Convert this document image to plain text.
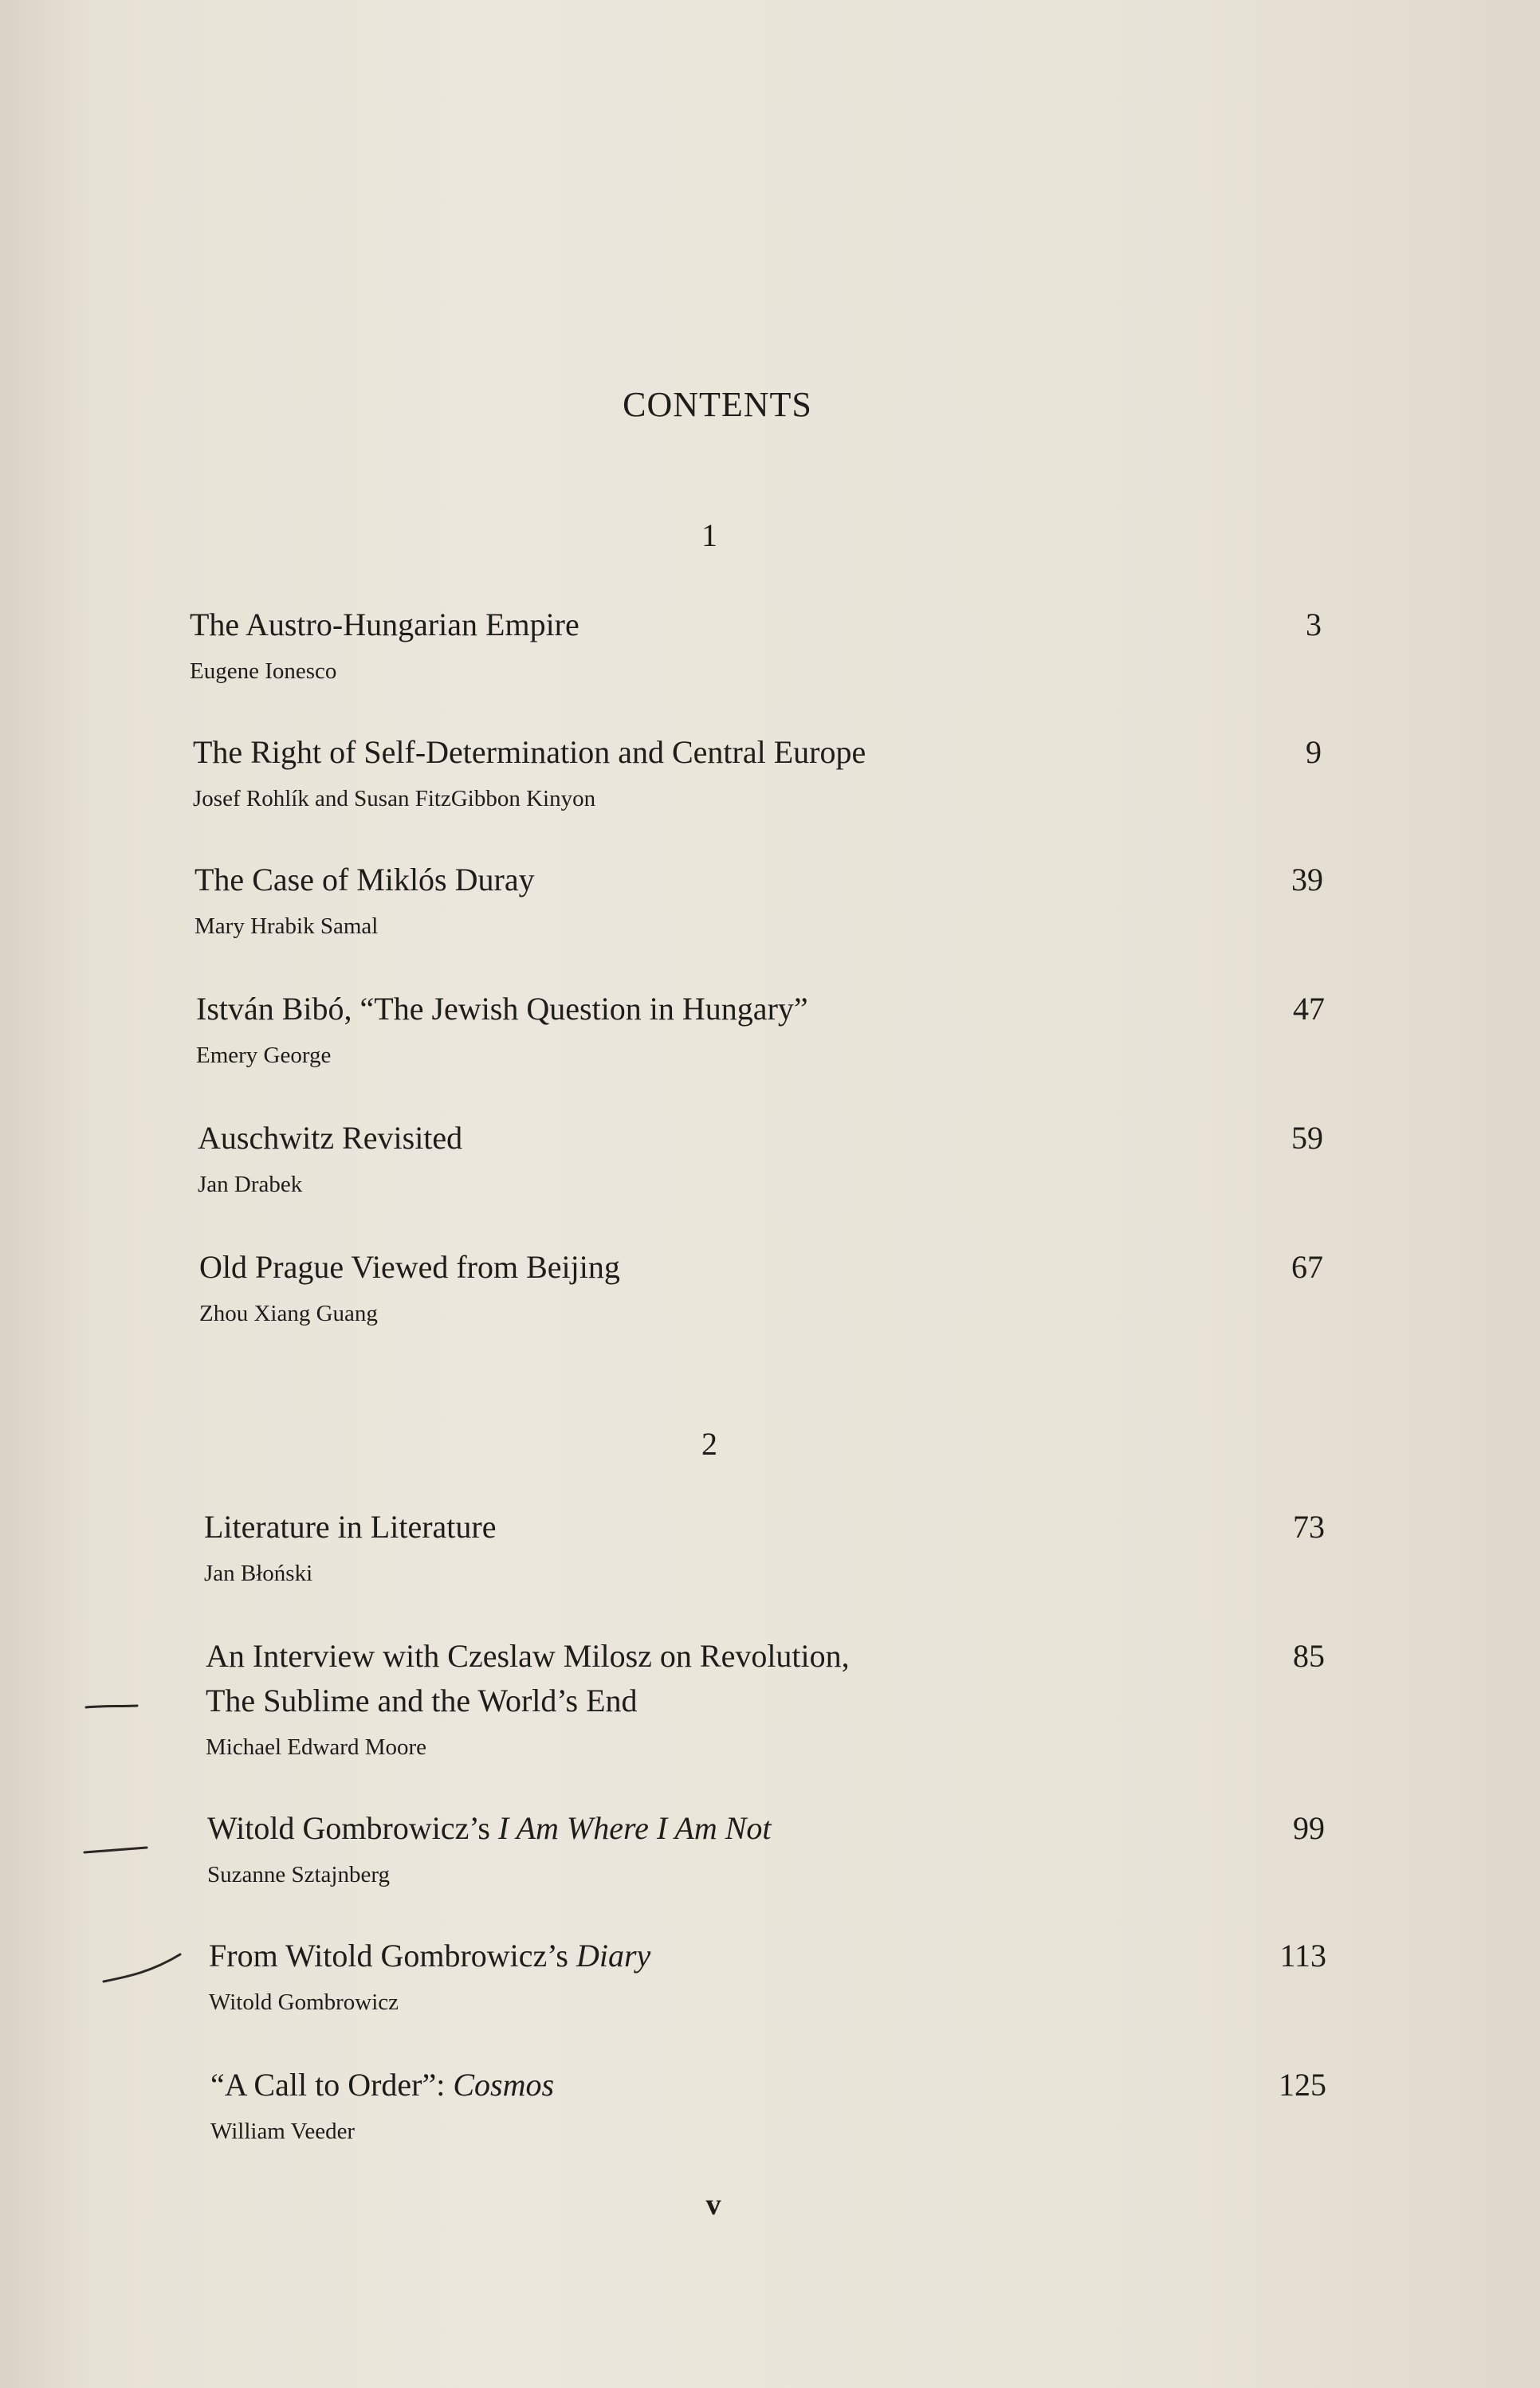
CONTENTS
1
The Austro-Hungarian Empire
Eugene Ionesco
3
The Right of Self-Determination and Central Europe
Josef Rohlík and Susan FitzGibbon Kinyon
9
The Case of Miklós Duray
Mary Hrabik Samal
39
István Bibó, “The Jewish Question in Hungary”
Emery George
47
Auschwitz Revisited
Jan Drabek
59
Old Prague Viewed from Beijing
Zhou Xiang Guang
67
2
Literature in Literature
Jan Błoński
73
An Interview with Czeslaw Milosz on Revolution,
The Sublime and the World’s End
Michael Edward Moore
85
Witold Gombrowicz’s I Am Where I Am Not
Suzanne Sztajnberg
99
From Witold Gombrowicz’s Diary
Witold Gombrowicz
113
“A Call to Order”: Cosmos
William Veeder
125
v
